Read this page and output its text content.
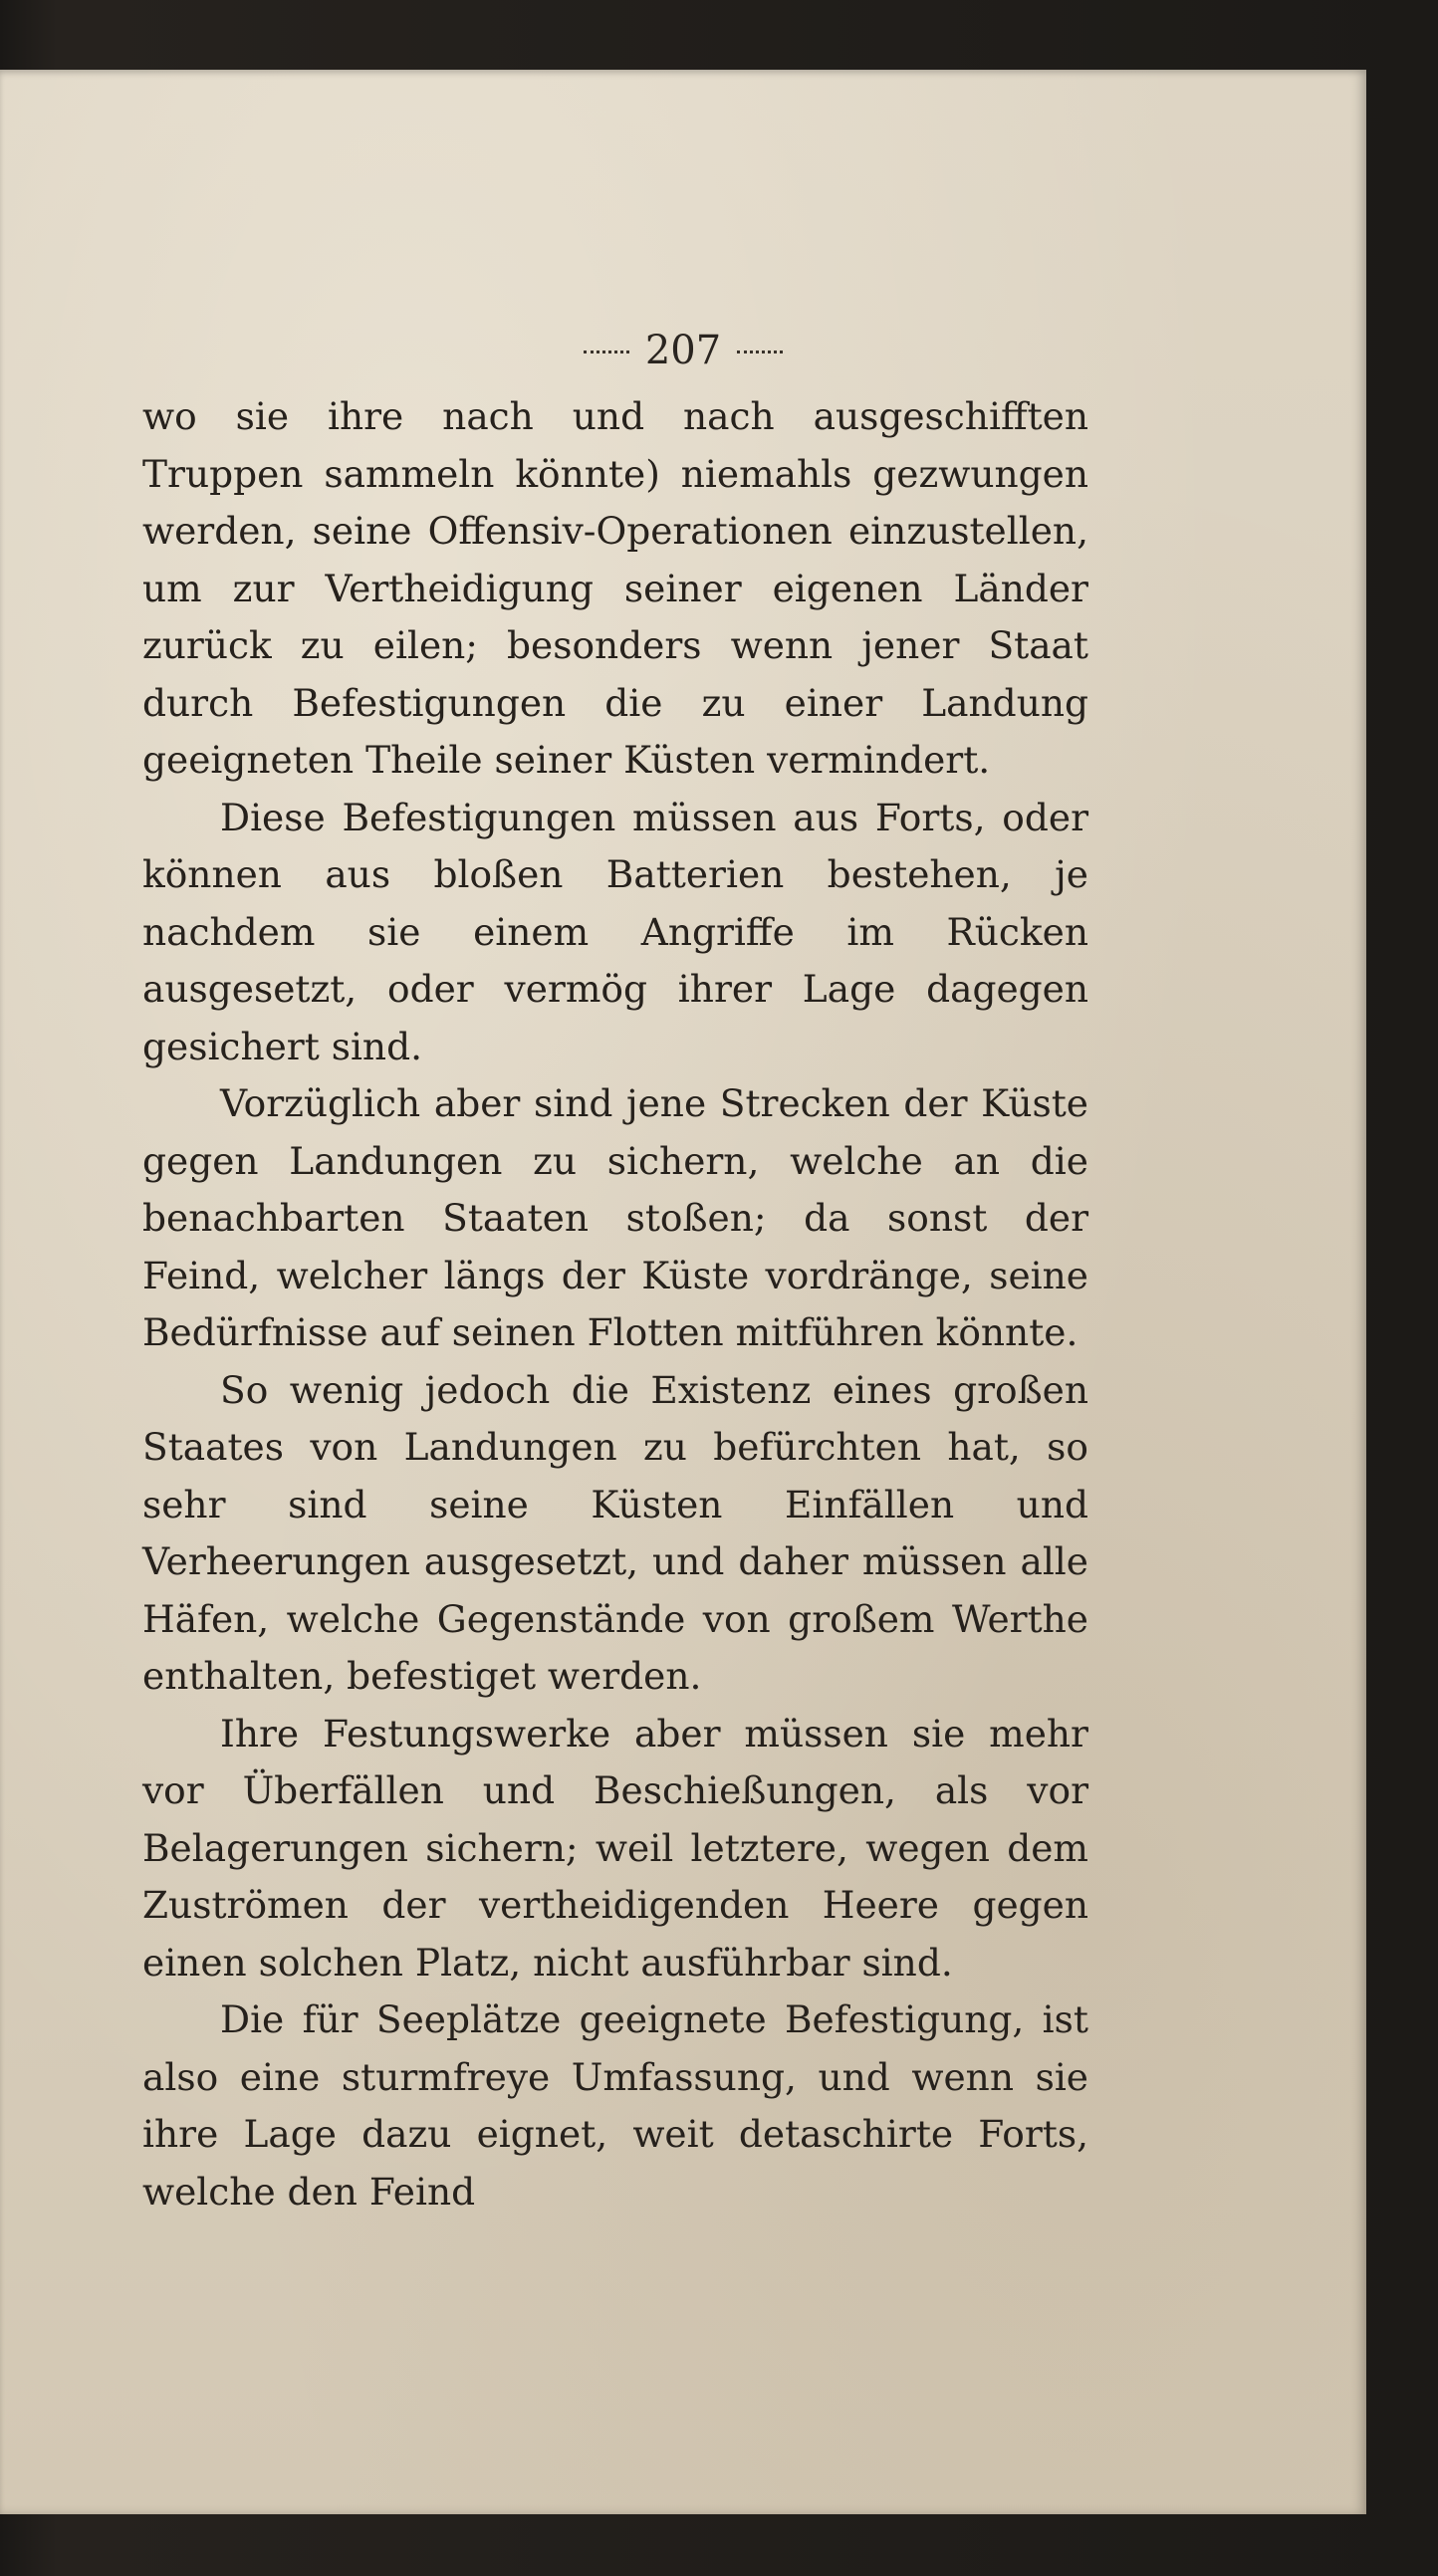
207

wo sie ihre nach und nach ausgeschifften Truppen sammeln könnte) niemahls gezwungen werden, seine Offensiv-Operationen einzustellen, um zur Vertheidigung seiner eigenen Länder zurück zu eilen; besonders wenn jener Staat durch Befestigungen die zu einer Landung geeigneten Theile seiner Küsten vermindert.

Diese Befestigungen müssen aus Forts, oder können aus bloßen Batterien bestehen, je nachdem sie einem Angriffe im Rücken ausgesetzt, oder vermög ihrer Lage dagegen gesichert sind.

Vorzüglich aber sind jene Strecken der Küste gegen Landungen zu sichern, welche an die benachbarten Staaten stoßen; da sonst der Feind, welcher längs der Küste vordränge, seine Bedürfnisse auf seinen Flotten mitführen könnte.

So wenig jedoch die Existenz eines großen Staates von Landungen zu befürchten hat, so sehr sind seine Küsten Einfällen und Verheerungen ausgesetzt, und daher müssen alle Häfen, welche Gegenstände von großem Werthe enthalten, befestiget werden.

Ihre Festungswerke aber müssen sie mehr vor Überfällen und Beschießungen, als vor Belagerungen sichern; weil letztere, wegen dem Zuströmen der vertheidigenden Heere gegen einen solchen Platz, nicht ausführbar sind.

Die für Seeplätze geeignete Befestigung, ist also eine sturmfreye Umfassung, und wenn sie ihre Lage dazu eignet, weit detaschirte Forts, welche den Feind
